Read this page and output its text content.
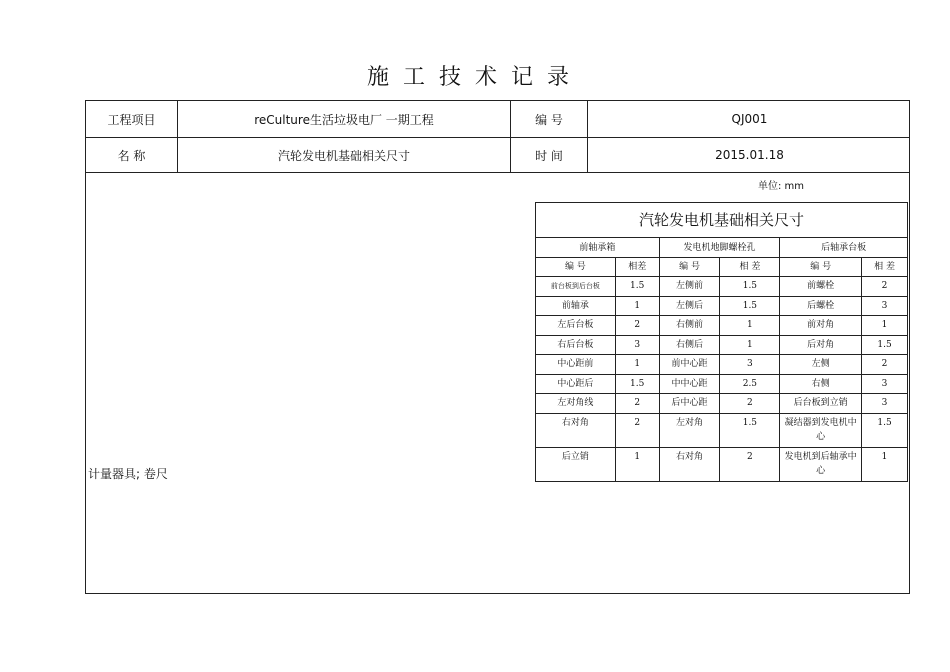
施工技术记录
工程项目	reCulture生活垃圾电厂 一期工程	编 号	QJ001
名 称	汽轮发电机基础相关尺寸	时 间	2015.01.18
单位: mm
计量器具; 卷尺
汽轮发电机基础相关尺寸					
前轴承箱		发电机地脚螺栓孔		后轴承台板	
编 号	相差	编 号	相 差	编 号	相 差
前台板到后台板	1.5	左侧前	1.5	前螺栓	2
前轴承	1	左侧后	1.5	后螺栓	3
左后台板	2	右侧前	1	前对角	1
右后台板	3	右侧后	1	后对角	1.5
中心距前	1	前中心距	3	左侧	2
中心距后	1.5	中中心距	2.5	右侧	3
左对角线	2	后中心距	2	后台板到立销	3
右对角	2	左对角	1.5	凝结器到发电机中心	1.5
后立销	1	右对角	2	发电机到后轴承中心	1
